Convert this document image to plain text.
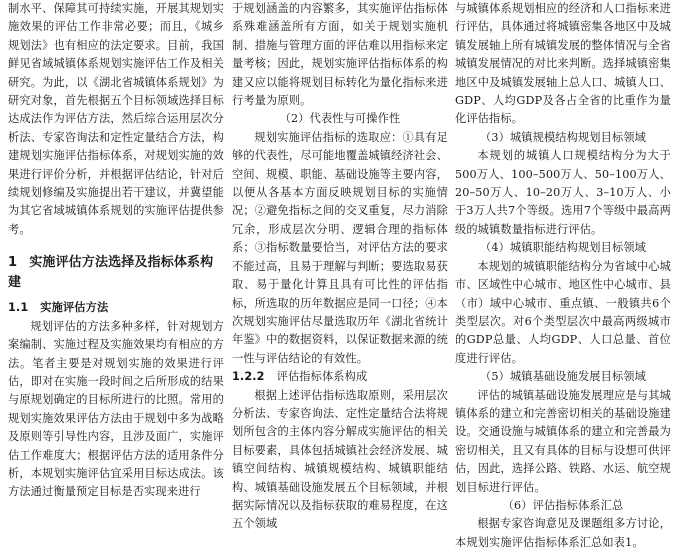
制水平、保障其可持续实施，开展其规划实施效果的评估工作非常必要；而且，《城乡规划法》也有相应的法定要求。目前，我国鲜见省域城镇体系规划实施评估工作及相关研究。为此，以《湖北省城镇体系规划》为研究对象，首先根据五个目标领域选择目标达成法作为评估方法，然后综合运用层次分析法、专家咨询法和定性定量结合方法，构建规划实施评估指标体系，对规划实施的效果进行评价分析，并根据评估结论，针对后续规划修编及实施提出若干建议，并冀望能为其它省域城镇体系规划的实施评估提供参考。

1 实施评估方法选择及指标体系构建
1.1 实施评估方法

规划评估的方法多种多样，针对规划方案编制、实施过程及实施效果均有相应的方法。笔者主要是对规划实施的效果进行评估，即对在实施一段时间之后所形成的结果与原规划确定的目标所进行的比照。常用的规划实施效果评估方法由于规划中多为战略及原则等引导性内容，且涉及面广，实施评估工作难度大；根据评估方法的适用条件分析，本规划实施评估宜采用目标达成法。该方法通过衡量预定目标是否实现来进行

于规划涵盖的内容繁多，其实施评估指标体系殊难涵盖所有方面，如关于规划实施机制、措施与管理方面的评估难以用指标来定量考核；因此，规划实施评估指标体系的构建又应以能将规划目标转化为量化指标来进行考量为原则。

（2）代表性与可操作性

规划实施评估指标的选取应：①具有足够的代表性，尽可能地覆盖城镇经济社会、空间、规模、职能、基础设施等主要内容，以便从各基本方面反映规划目标的实施情况；②避免指标之间的交叉重复，尽力消除冗余，形成层次分明、逻辑合理的指标体系；③指标数量要恰当，对评估方法的要求不能过高，且易于理解与判断；要选取易获取、易于量化计算且具有可比性的评估指标，所选取的历年数据应是同一口径；④本次规划实施评估尽量选取历年《湖北省统计年鉴》中的数据资料，以保证数据来源的统一性与评估结论的有效性。

1.2.2 评估指标体系构成

根据上述评估指标选取原则，采用层次分析法、专家咨询法、定性定量结合法将规划所包含的主体内容分解成实施评估的相关目标要素，具体包括城镇社会经济发展、城镇空间结构、城镇规模结构、城镇职能结构、城镇基础设施发展五个目标领域，并根据实际情况以及指标获取的难易程度，在这五个领域

与城镇体系规划相应的经济和人口指标来进行评估，具体通过将城镇密集各地区中及城镇发展轴上所有城镇发展的整体情况与全省城镇发展情况的对比来判断。选择城镇密集地区中及城镇发展轴上总人口、城镇人口、GDP、人均GDP及各占全省的比重作为量化评估指标。

（3）城镇规模结构规划目标领域

本规划的城镇人口规模结构分为大于500万人、100–500万人、50–100万人、20–50万人、10–20万人、3–10万人、小于3万人共7个等级。选用7个等级中最高两级的城镇数量指标进行评估。

（4）城镇职能结构规划目标领域

本规划的城镇职能结构分为省域中心城市、区域性中心城市、地区性中心城市、县（市）域中心城市、重点镇、一般镇共6个类型层次。对6个类型层次中最高两级城市的GDP总量、人均GDP、人口总量、首位度进行评估。

（5）城镇基础设施发展目标领域

评估的城镇基础设施发展理应是与其城镇体系的建立和完善密切相关的基础设施建设。交通设施与城镇体系的建立和完善最为密切相关，且又有具体的目标与设想可供评估，因此，选择公路、铁路、水运、航空规划目标进行评估。

（6）评估指标体系汇总

根据专家咨询意见及课题组多方讨论，本规划实施评估指标体系汇总如表1。
